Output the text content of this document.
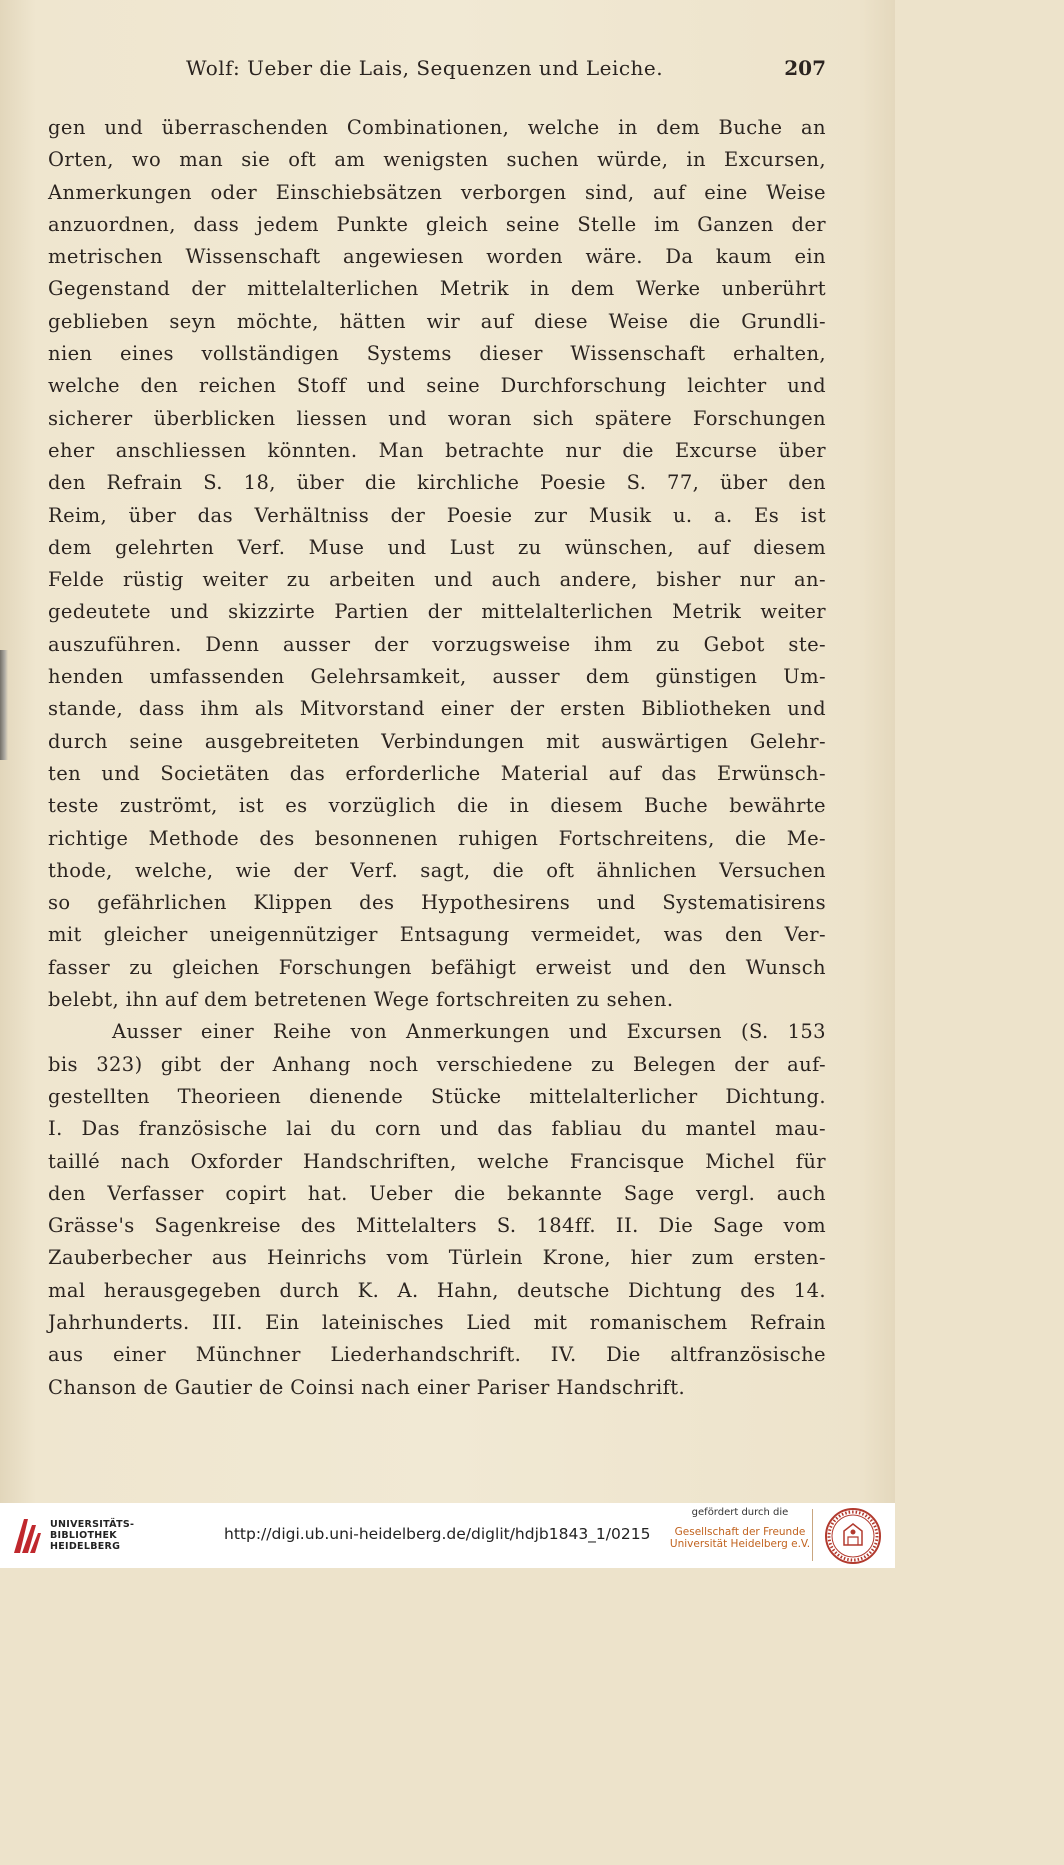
Wolf: Ueber die Lais, Sequenzen und Leiche.	207
gen und überraschenden Combinationen, welche in dem Buche an
Orten, wo man sie oft am wenigsten suchen würde, in Excursen,
Anmerkungen oder Einschiebsätzen verborgen sind, auf eine Weise
anzuordnen, dass jedem Punkte gleich seine Stelle im Ganzen der
metrischen Wissenschaft angewiesen worden wäre. Da kaum ein
Gegenstand der mittelalterlichen Metrik in dem Werke unberührt
geblieben seyn möchte, hätten wir auf diese Weise die Grundli-
nien eines vollständigen Systems dieser Wissenschaft erhalten,
welche den reichen Stoff und seine Durchforschung leichter und
sicherer überblicken liessen und woran sich spätere Forschungen
eher anschliessen könnten. Man betrachte nur die Excurse über
den Refrain S. 18, über die kirchliche Poesie S. 77, über den
Reim, über das Verhältniss der Poesie zur Musik u. a. Es ist
dem gelehrten Verf. Muse und Lust zu wünschen, auf diesem
Felde rüstig weiter zu arbeiten und auch andere, bisher nur an-
gedeutete und skizzirte Partien der mittelalterlichen Metrik weiter
auszuführen. Denn ausser der vorzugsweise ihm zu Gebot ste-
henden umfassenden Gelehrsamkeit, ausser dem günstigen Um-
stande, dass ihm als Mitvorstand einer der ersten Bibliotheken und
durch seine ausgebreiteten Verbindungen mit auswärtigen Gelehr-
ten und Societäten das erforderliche Material auf das Erwünsch-
teste zuströmt, ist es vorzüglich die in diesem Buche bewährte
richtige Methode des besonnenen ruhigen Fortschreitens, die Me-
thode, welche, wie der Verf. sagt, die oft ähnlichen Versuchen
so gefährlichen Klippen des Hypothesirens und Systematisirens
mit gleicher uneigennütziger Entsagung vermeidet, was den Ver-
fasser zu gleichen Forschungen befähigt erweist und den Wunsch
belebt, ihn auf dem betretenen Wege fortschreiten zu sehen.
Ausser einer Reihe von Anmerkungen und Excursen (S. 153
bis 323) gibt der Anhang noch verschiedene zu Belegen der auf-
gestellten Theorieen dienende Stücke mittelalterlicher Dichtung.
I. Das französische lai du corn und das fabliau du mantel mau-
taillé nach Oxforder Handschriften, welche Francisque Michel für
den Verfasser copirt hat. Ueber die bekannte Sage vergl. auch
Grässe's Sagenkreise des Mittelalters S. 184ff. II. Die Sage vom
Zauberbecher aus Heinrichs vom Türlein Krone, hier zum ersten-
mal herausgegeben durch K. A. Hahn, deutsche Dichtung des 14.
Jahrhunderts. III. Ein lateinisches Lied mit romanischem Refrain
aus einer Münchner Liederhandschrift. IV. Die altfranzösische
Chanson de Gautier de Coinsi nach einer Pariser Handschrift.
UNIVERSITÄTS-
BIBLIOTHEK
HEIDELBERG
http://digi.ub.uni-heidelberg.de/diglit/hdjb1843_1/0215
gefördert durch die
Gesellschaft der Freunde
Universität Heidelberg e.V.
